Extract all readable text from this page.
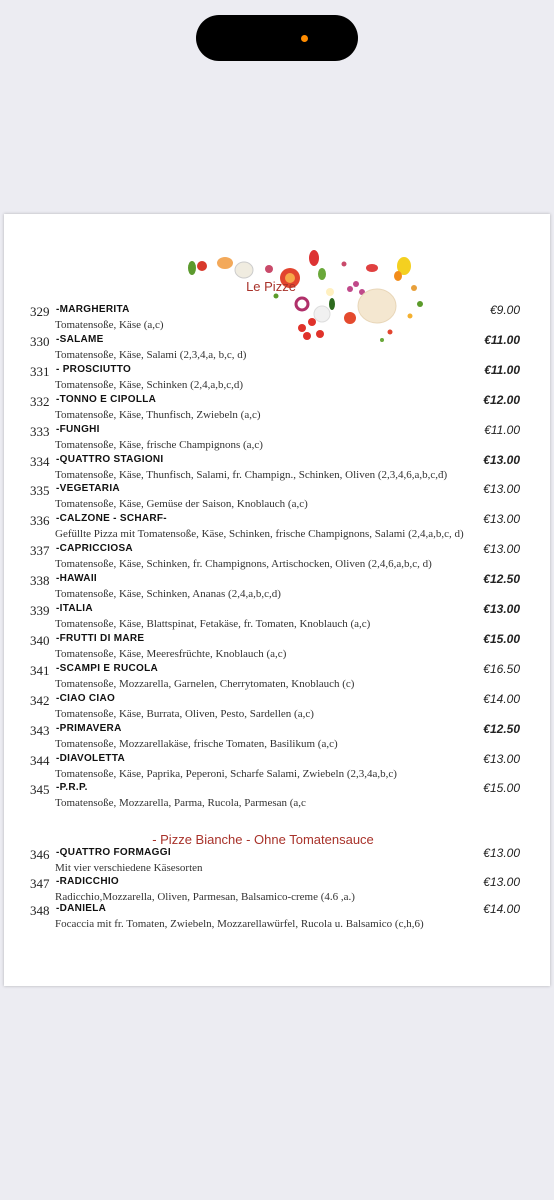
Le Pizze
329 -MARGHERITA
Tomatensoße, Käse (a,c)
€9.00
330 -SALAME
Tomatensoße, Käse, Salami (2,3,4,a, b,c, d)
€11.00
331 - PROSCIUTTO
Tomatensoße, Käse, Schinken (2,4,a,b,c,d)
€11.00
332 -TONNO E CIPOLLA
Tomatensoße, Käse, Thunfisch, Zwiebeln (a,c)
€12.00
333 -FUNGHI
Tomatensoße, Käse, frische Champignons (a,c)
€11.00
334 -QUATTRO STAGIONI
Tomatensoße, Käse, Thunfisch, Salami, fr. Champign., Schinken, Oliven (2,3,4,6,a,b,c,đ)
€13.00
335 -VEGETARIA
Tomatensoße, Käse, Gemüse der Saison, Knoblauch (a,c)
€13.00
336 -CALZONE - SCHARF-
Gefüllte Pizza mit Tomatensoße, Käse, Schinken, frische Champignons, Salami (2,4,a,b,c, d)
€13.00
337 -CAPRICCIOSA
Tomatensoße, Käse, Schinken, fr. Champignons, Artischocken, Oliven (2,4,6,a,b,c, d)
€13.00
338 -HAWAII
Tomatensoße, Käse, Schinken, Ananas (2,4,a,b,c,d)
€12.50
339 -ITALIA
Tomatensoße, Käse, Blattspinat, Fetakäse, fr. Tomaten, Knoblauch (a,c)
€13.00
340 -FRUTTI DI MARE
Tomatensoße, Käse, Meeresfrüchte, Knoblauch (a,c)
€15.00
341 -SCAMPI E RUCOLA
Tomatensoße, Mozzarella, Garnelen, Cherrytomaten, Knoblauch (c)
€16.50
342 -CIAO CIAO
Tomatensoße, Käse, Burrata, Oliven, Pesto, Sardellen (a,c)
€14.00
343 -PRIMAVERA
Tomatensoße, Mozzarellakäse, frische Tomaten, Basilikum (a,c)
€12.50
344 -DIAVOLETTA
Tomatensoße, Käse, Paprika, Peperoni, Scharfe Salami, Zwiebeln (2,3,4a,b,c)
€13.00
345 -P.R.P.
Tomatensoße, Mozzarella, Parma, Rucola, Parmesan (a,c
€15.00
- Pizze Bianche - Ohne Tomatensauce
346 -QUATTRO FORMAGGI
Mit vier verschiedene Käsesorten
€13.00
347 -RADICCHIO
Radicchio,Mozzarella, Oliven, Parmesan, Balsamico-creme (4.6 ,a.)
€13.00
348 -DANIELA
Focaccia mit fr. Tomaten, Zwiebeln, Mozzarellawürfel, Rucola u. Balsamico (c,h,6)
€14.00
